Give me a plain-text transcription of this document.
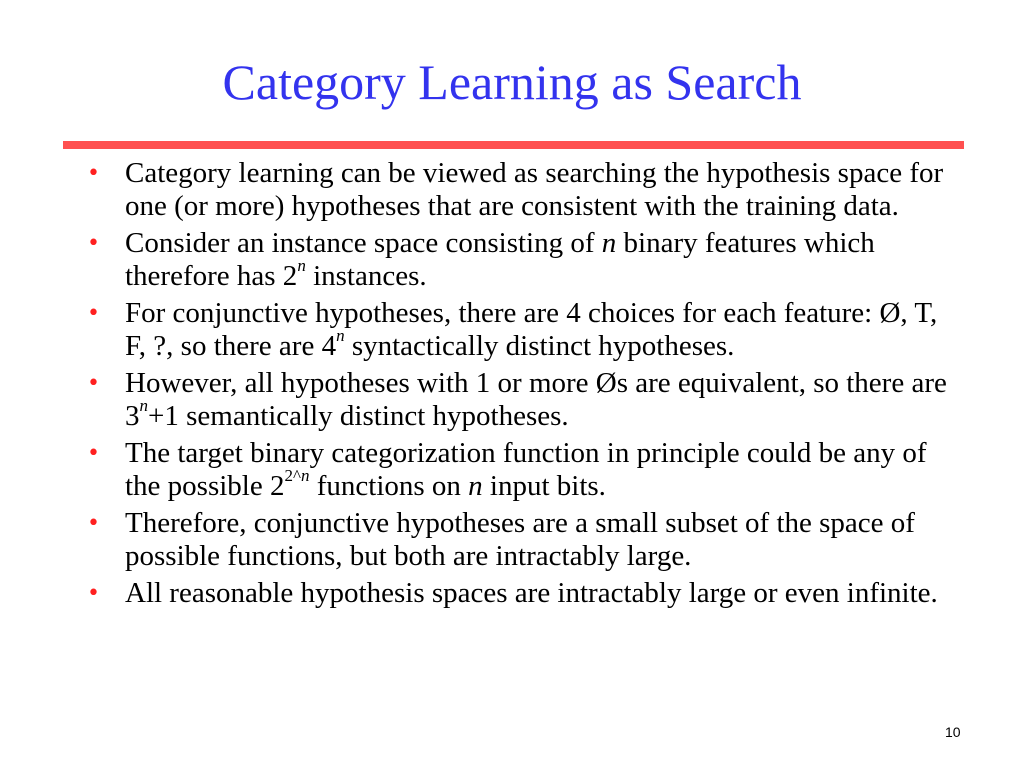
Category Learning as Search
• Category learning can be viewed as searching the hypothesis space for one (or more) hypotheses that are consistent with the training data.
• Consider an instance space consisting of n binary features which therefore has 2$^n$ instances.
• For conjunctive hypotheses, there are 4 choices for each feature: Ø, T, F, ?, so there are 4$^n$ syntactically distinct hypotheses.
• However, all hypotheses with 1 or more Øs are equivalent, so there are $3^n+1$ semantically distinct hypotheses.
• The target binary categorization function in principle could be any of the possible $2^{2\^{}n}$ functions on n input bits.
• Therefore, conjunctive hypotheses are a small subset of the space of possible functions, but both are intractably large.
• All reasonable hypothesis spaces are intractably large or even infinite.
10
